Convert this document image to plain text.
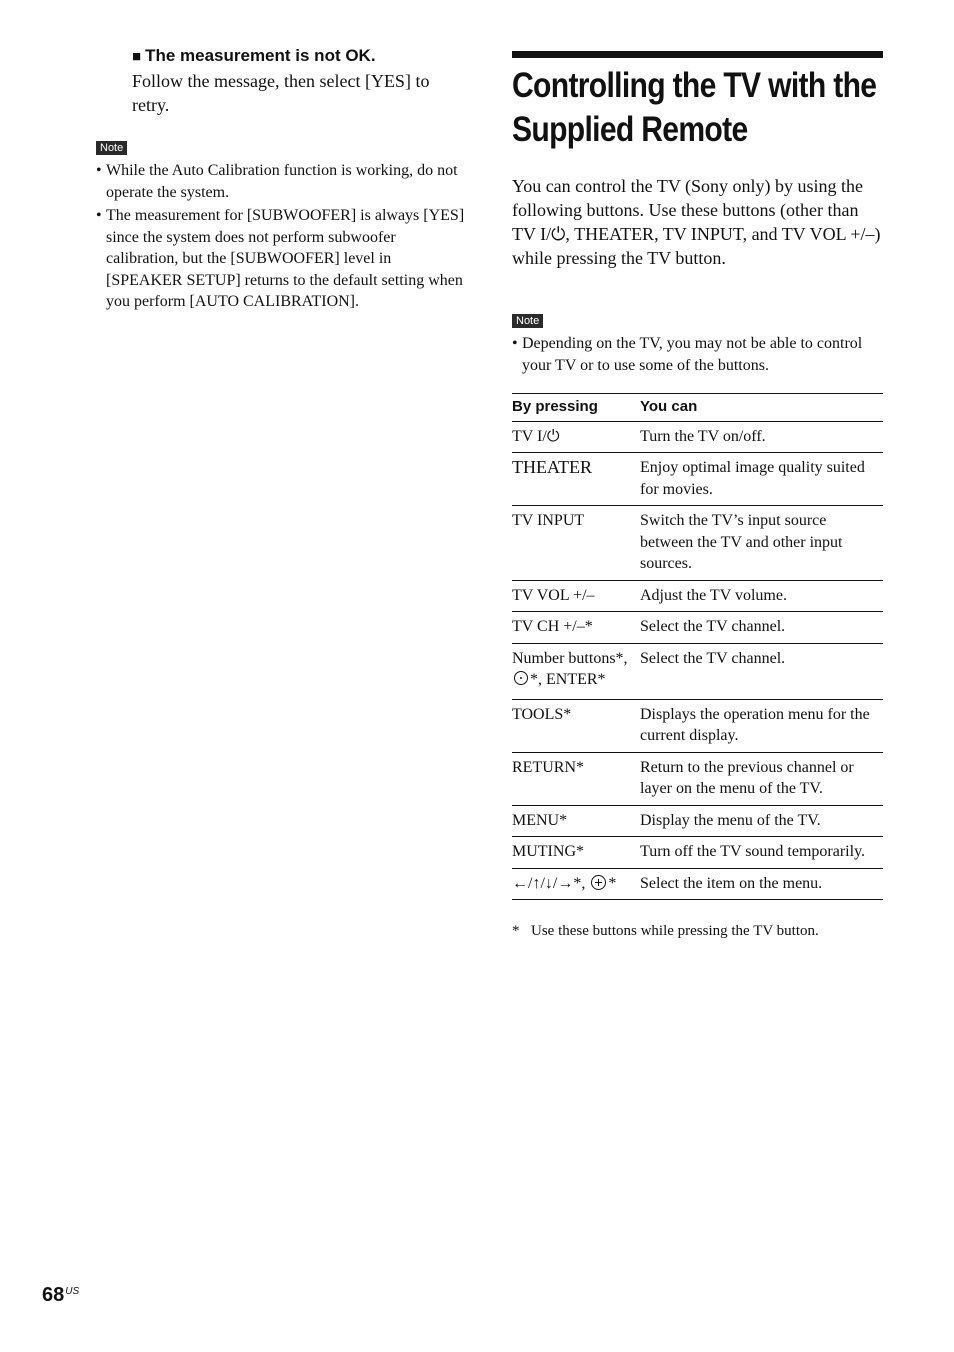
■ The measurement is not OK.
Follow the message, then select [YES] to retry.
Note
• While the Auto Calibration function is working, do not operate the system.
• The measurement for [SUBWOOFER] is always [YES] since the system does not perform subwoofer calibration, but the [SUBWOOFER] level in [SPEAKER SETUP] returns to the default setting when you perform [AUTO CALIBRATION].
Controlling the TV with the Supplied Remote
You can control the TV (Sony only) by using the following buttons. Use these buttons (other than TV I/⏻, THEATER, TV INPUT, and TV VOL +/–) while pressing the TV button.
Note
• Depending on the TV, you may not be able to control your TV or to use some of the buttons.
By pressing	You can
TV I/⏻	Turn the TV on/off.
THEATER	Enjoy optimal image quality suited for movies.
TV INPUT	Switch the TV’s input source between the TV and other input sources.
TV VOL +/–	Adjust the TV volume.
TV CH +/–*	Select the TV channel.
Number buttons*, *, ENTER*	Select the TV channel.
TOOLS*	Displays the operation menu for the current display.
RETURN*	Return to the previous channel or layer on the menu of the TV.
MENU*	Display the menu of the TV.
MUTING*	Turn off the TV sound temporarily.
←/↑/↓/→*, *	Select the item on the menu.
* Use these buttons while pressing the TV button.
$68^{US}$
